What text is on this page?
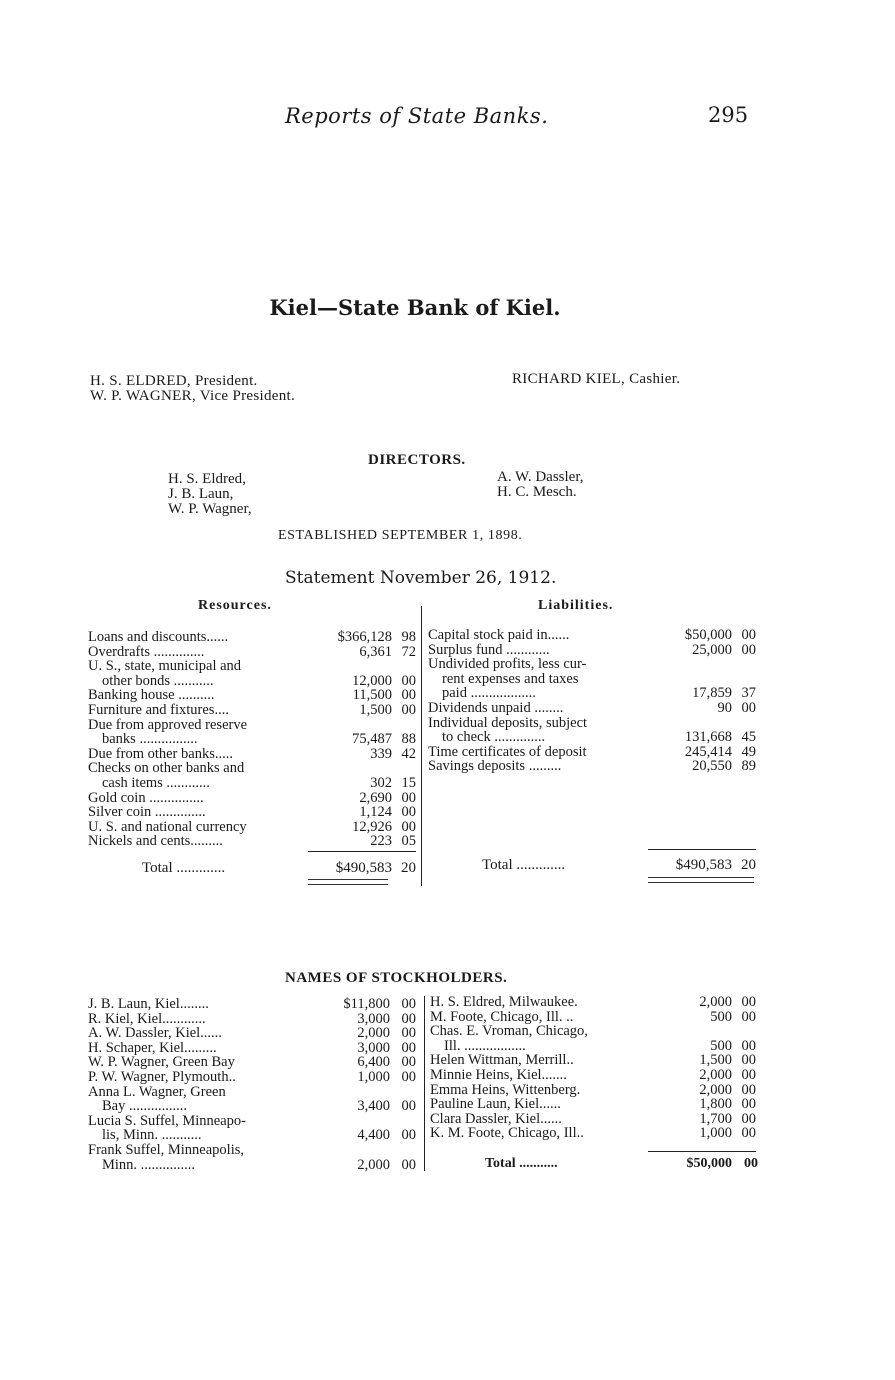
Reports of State Banks.	295
Kiel—State Bank of Kiel.
H. S. ELDRED, President.
W. P. WAGNER, Vice President.
RICHARD KIEL, Cashier.
DIRECTORS.
H. S. Eldred,
J. B. Laun,
W. P. Wagner,
A. W. Dassler,
H. C. Mesch.
ESTABLISHED SEPTEMBER 1, 1898.
Statement November 26, 1912.
Resources.	Liabilities.
Loans and discounts......	$366,128 98
Overdrafts ..............	6,361 72
U. S., state, municipal and
other bonds ...........	12,000 00
Banking house ..........	11,500 00
Furniture and fixtures....	1,500 00
Due from approved reserve
banks ................	75,487 88
Due from other banks.....	339 42
Checks on other banks and
cash items ............	302 15
Gold coin ...............	2,690 00
Silver coin ..............	1,124 00
U. S. and national currency	12,926 00
Nickels and cents.........	223 05
Capital stock paid in......	$50,000 00
Surplus fund ............	25,000 00
Undivided profits, less cur-
rent expenses and taxes
paid ..................	17,859 37
Dividends unpaid ........	90 00
Individual deposits, subject
to check ..............	131,668 45
Time certificates of deposit	245,414 49
Savings deposits .........	20,550 89
Total .............	$490,583 20	Total .............	$490,583 20
NAMES OF STOCKHOLDERS.
J. B. Laun, Kiel........	$11,800 00
R. Kiel, Kiel............	3,000 00
A. W. Dassler, Kiel......	2,000 00
H. Schaper, Kiel.........	3,000 00
W. P. Wagner, Green Bay	6,400 00
P. W. Wagner, Plymouth..	1,000 00
Anna L. Wagner, Green
Bay ................	3,400 00
Lucia S. Suffel, Minneapo-
lis, Minn. ...........	4,400 00
Frank Suffel, Minneapolis,
Minn. ...............	2,000 00
H. S. Eldred, Milwaukee.	2,000 00
M. Foote, Chicago, Ill. ..	500 00
Chas. E. Vroman, Chicago,
Ill. .................	500 00
Helen Wittman, Merrill..	1,500 00
Minnie Heins, Kiel.......	2,000 00
Emma Heins, Wittenberg.	2,000 00
Pauline Laun, Kiel......	1,800 00
Clara Dassler, Kiel......	1,700 00
K. M. Foote, Chicago, Ill..	1,000 00
Total ...........	$50,000 00
